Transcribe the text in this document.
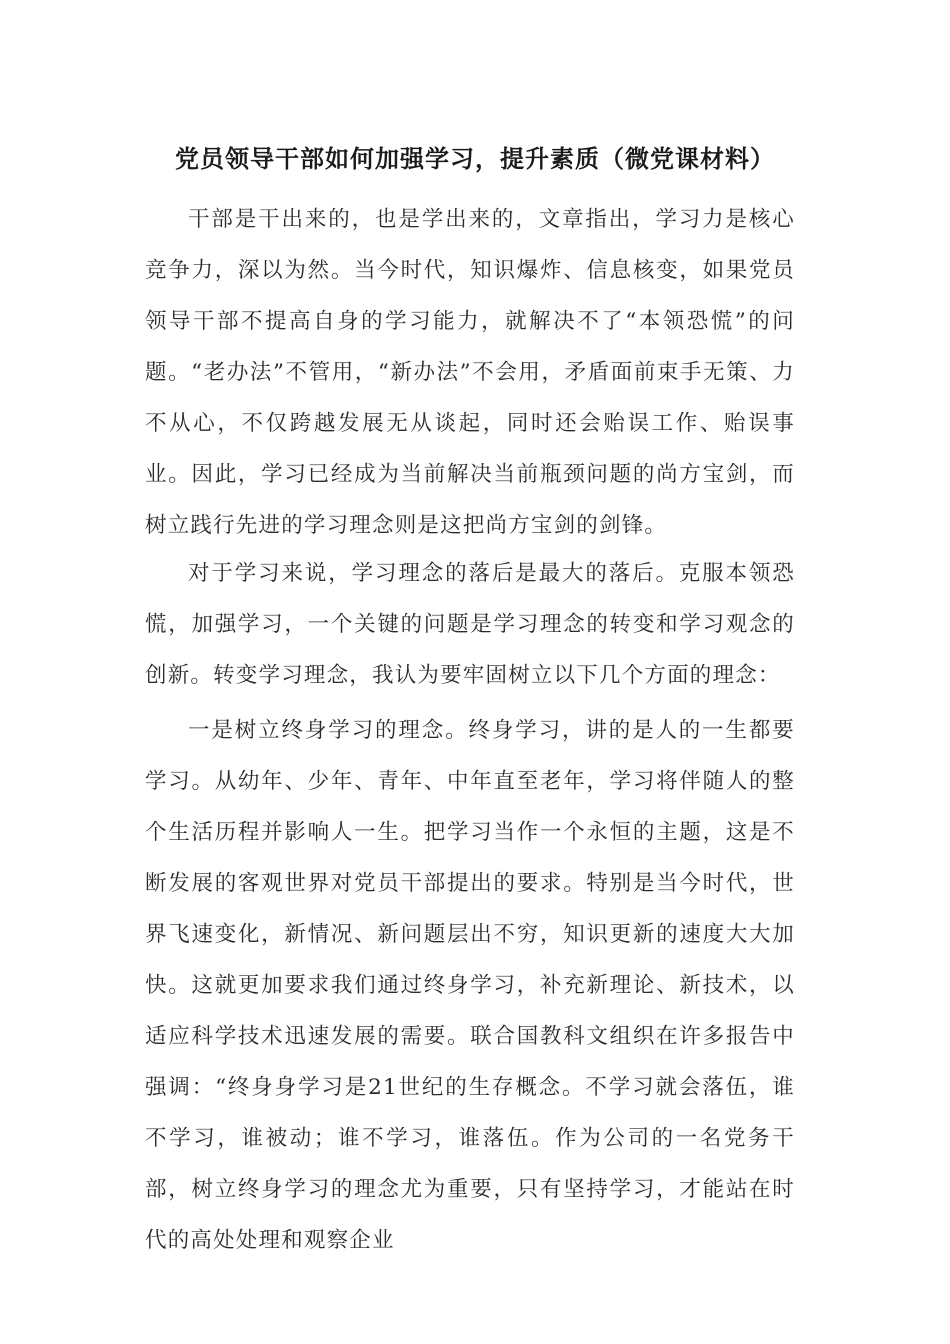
党员领导干部如何加强学习，提升素质（微党课材料）

干部是干出来的，也是学出来的，文章指出，学习力是核心竞争力，深以为然。当今时代，知识爆炸、信息核变，如果党员领导干部不提高自身的学习能力，就解决不了“本领恐慌”的问题。“老办法”不管用，“新办法”不会用，矛盾面前束手无策、力不从心，不仅跨越发展无从谈起，同时还会贻误工作、贻误事业。因此，学习已经成为当前解决当前瓶颈问题的尚方宝剑，而树立践行先进的学习理念则是这把尚方宝剑的剑锋。

对于学习来说，学习理念的落后是最大的落后。克服本领恐慌，加强学习，一个关键的问题是学习理念的转变和学习观念的创新。转变学习理念，我认为要牢固树立以下几个方面的理念：

一是树立终身学习的理念。终身学习，讲的是人的一生都要学习。从幼年、少年、青年、中年直至老年，学习将伴随人的整个生活历程并影响人一生。把学习当作一个永恒的主题，这是不断发展的客观世界对党员干部提出的要求。特别是当今时代，世界飞速变化，新情况、新问题层出不穷，知识更新的速度大大加快。这就更加要求我们通过终身学习，补充新理论、新技术，以适应科学技术迅速发展的需要。联合国教科文组织在许多报告中强调：“终身身学习是21世纪的生存概念。不学习就会落伍，谁不学习，谁被动；谁不学习，谁落伍。作为公司的一名党务干部，树立终身学习的理念尤为重要，只有坚持学习，才能站在时代的高处处理和观察企业
